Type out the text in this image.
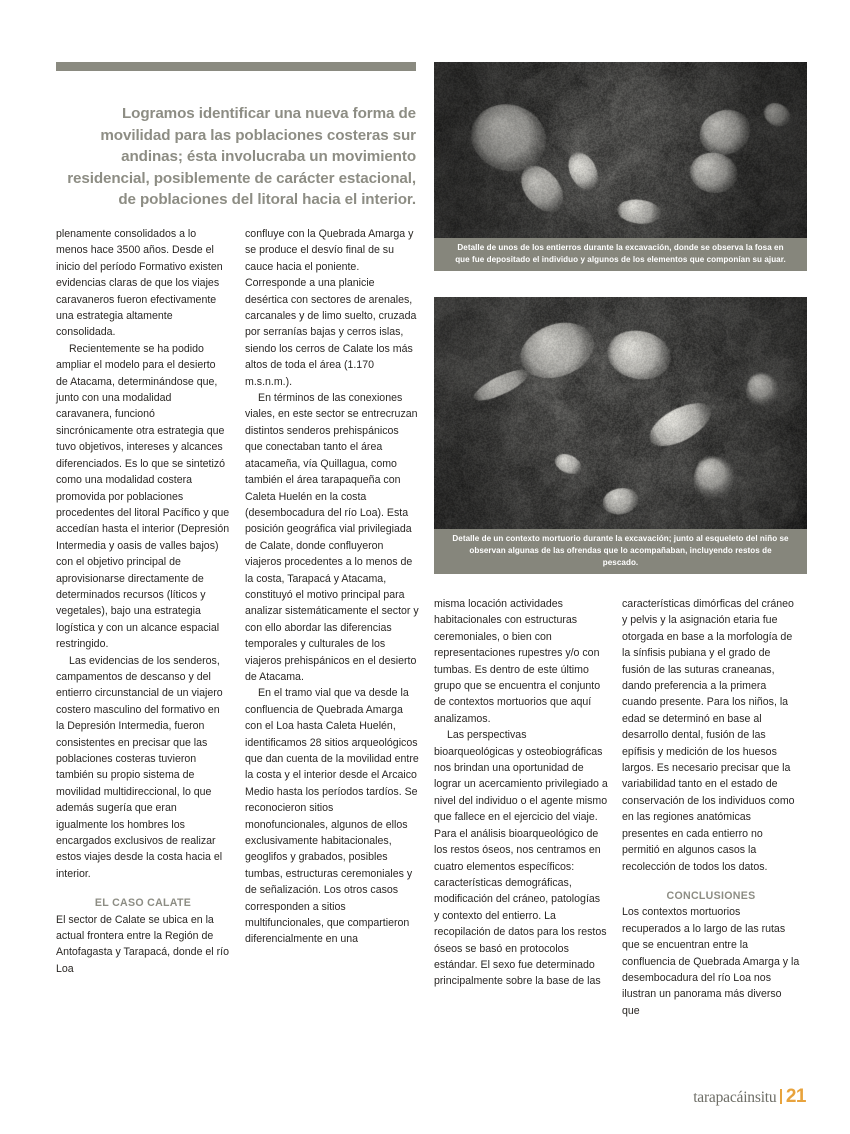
Logramos identificar una nueva forma de movilidad para las poblaciones costeras sur andinas; ésta involucraba un movimiento residencial, posiblemente de carácter estacional, de poblaciones del litoral hacia el interior.
Detalle de unos de los entierros durante la excavación, donde se observa la fosa en que fue depositado el individuo y algunos de los elementos que componían su ajuar.
Detalle de un contexto mortuorio durante la excavación; junto al esqueleto del niño se observan algunas de las ofrendas que lo acompañaban, incluyendo restos de pescado.

plenamente consolidados a lo menos hace 3500 años. Desde el inicio del período Formativo existen evidencias claras de que los viajes caravaneros fueron efectivamente una estrategia altamente consolidada.

Recientemente se ha podido ampliar el modelo para el desierto de Atacama, determinándose que, junto con una modalidad caravanera, funcionó sincrónicamente otra estrategia que tuvo objetivos, intereses y alcances diferenciados. Es lo que se sintetizó como una modalidad costera promovida por poblaciones procedentes del litoral Pacífico y que accedían hasta el interior (Depresión Intermedia y oasis de valles bajos) con el objetivo principal de aprovisionarse directamente de determinados recursos (líticos y vegetales), bajo una estrategia logística y con un alcance espacial restringido.

Las evidencias de los senderos, campamentos de descanso y del entierro circunstancial de un viajero costero masculino del formativo en la Depresión Intermedia, fueron consistentes en precisar que las poblaciones costeras tuvieron también su propio sistema de movilidad multidireccional, lo que además sugería que eran igualmente los hombres los encargados exclusivos de realizar estos viajes desde la costa hacia el interior.

EL CASO CALATE

El sector de Calate se ubica en la actual frontera entre la Región de Antofagasta y Tarapacá, donde el río Loa

confluye con la Quebrada Amarga y se produce el desvío final de su cauce hacia el poniente. Corresponde a una planicie desértica con sectores de arenales, carcanales y de limo suelto, cruzada por serranías bajas y cerros islas, siendo los cerros de Calate los más altos de toda el área (1.170 m.s.n.m.).

En términos de las conexiones viales, en este sector se entrecruzan distintos senderos prehispánicos que conectaban tanto el área atacameña, vía Quillagua, como también el área tarapaqueña con Caleta Huelén en la costa (desembocadura del río Loa). Esta posición geográfica vial privilegiada de Calate, donde confluyeron viajeros procedentes a lo menos de la costa, Tarapacá y Atacama, constituyó el motivo principal para analizar sistemáticamente el sector y con ello abordar las diferencias temporales y culturales de los viajeros prehispánicos en el desierto de Atacama.

En el tramo vial que va desde la confluencia de Quebrada Amarga con el Loa hasta Caleta Huelén, identificamos 28 sitios arqueológicos que dan cuenta de la movilidad entre la costa y el interior desde el Arcaico Medio hasta los períodos tardíos. Se reconocieron sitios monofuncionales, algunos de ellos exclusivamente habitacionales, geoglifos y grabados, posibles tumbas, estructuras ceremoniales y de señalización. Los otros casos corresponden a sitios multifuncionales, que compartieron diferencialmente en una

misma locación actividades habitacionales con estructuras ceremoniales, o bien con representaciones rupestres y/o con tumbas. Es dentro de este último grupo que se encuentra el conjunto de contextos mortuorios que aquí analizamos.

Las perspectivas bioarqueológicas y osteobiográficas nos brindan una oportunidad de lograr un acercamiento privilegiado a nivel del individuo o el agente mismo que fallece en el ejercicio del viaje. Para el análisis bioarqueológico de los restos óseos, nos centramos en cuatro elementos específicos: características demográficas, modificación del cráneo, patologías y contexto del entierro. La recopilación de datos para los restos óseos se basó en protocolos estándar. El sexo fue determinado principalmente sobre la base de las

características dimórficas del cráneo y pelvis y la asignación etaria fue otorgada en base a la morfología de la sínfisis pubiana y el grado de fusión de las suturas craneanas, dando preferencia a la primera cuando presente. Para los niños, la edad se determinó en base al desarrollo dental, fusión de las epífisis y medición de los huesos largos. Es necesario precisar que la variabilidad tanto en el estado de conservación de los individuos como en las regiones anatómicas presentes en cada entierro no permitió en algunos casos la recolección de todos los datos.

CONCLUSIONES

Los contextos mortuorios recuperados a lo largo de las rutas que se encuentran entre la confluencia de Quebrada Amarga y la desembocadura del río Loa nos ilustran un panorama más diverso que

tarapacáinsitu 21
